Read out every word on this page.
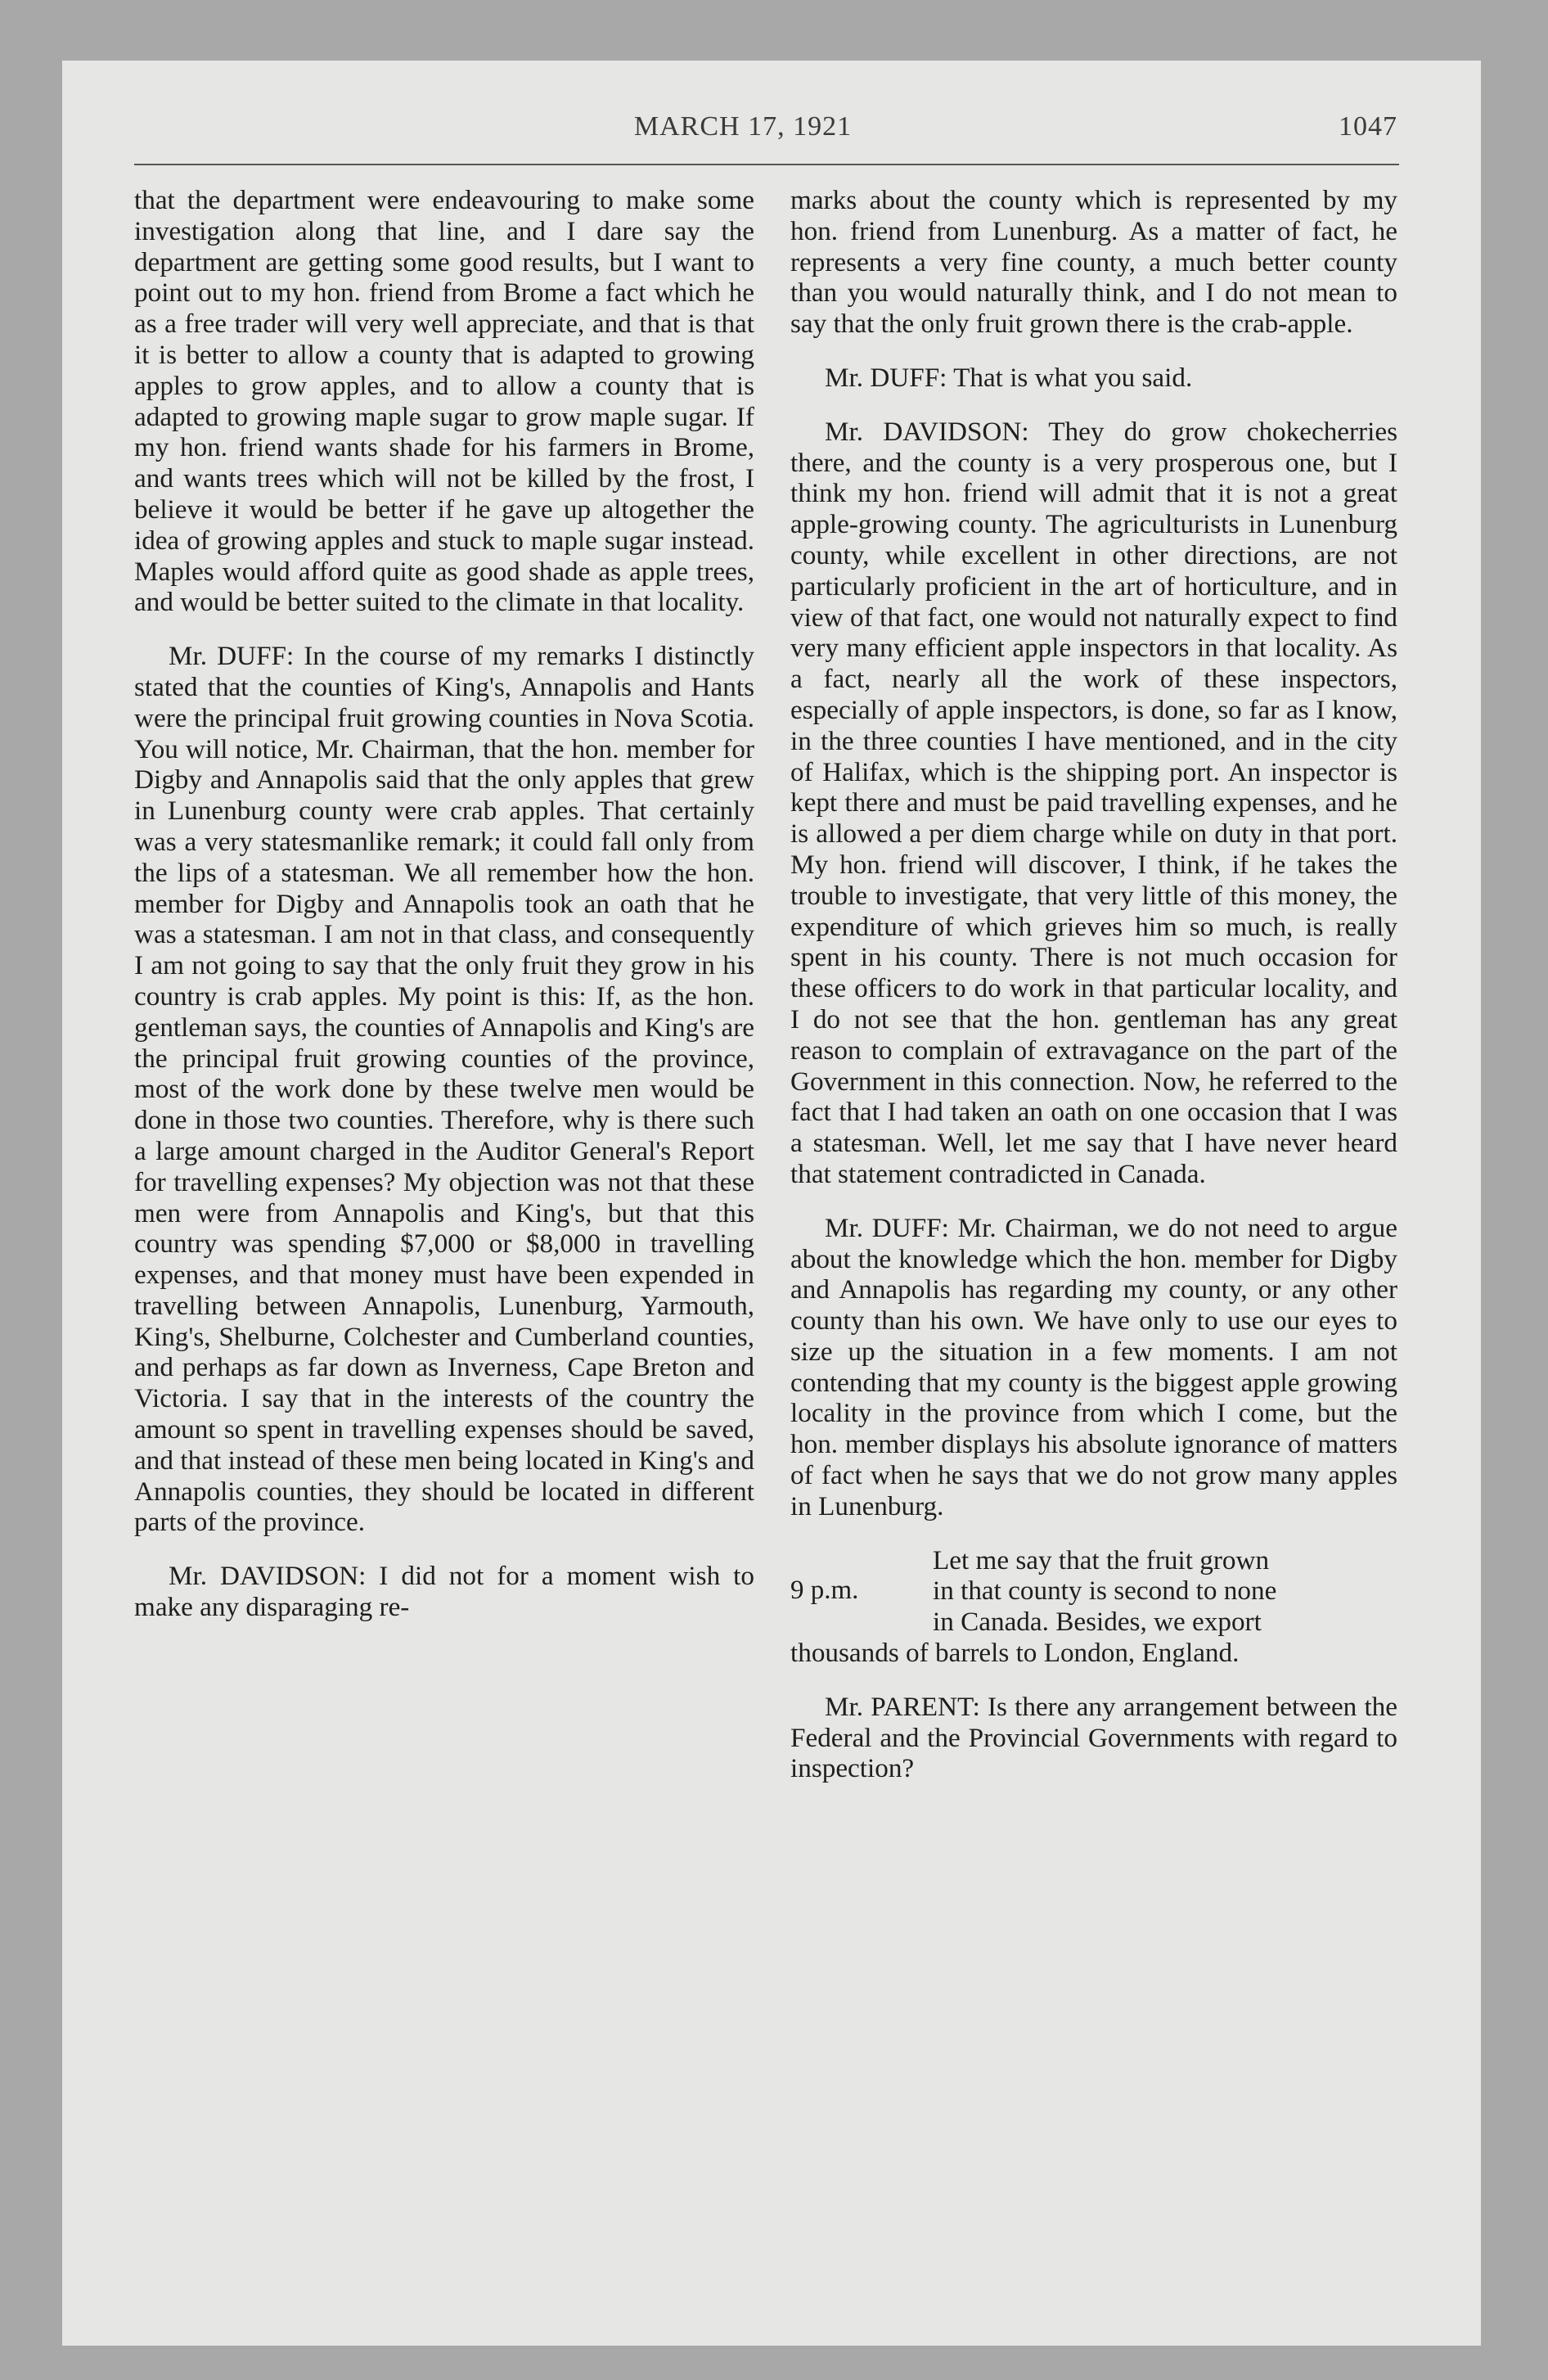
MARCH 17, 1921	1047

that the department were endeavouring to make some investigation along that line, and I dare say the department are getting some good results, but I want to point out to my hon. friend from Brome a fact which he as a free trader will very well appreciate, and that is that it is better to allow a county that is adapted to growing apples to grow apples, and to allow a county that is adapted to growing maple sugar to grow maple sugar. If my hon. friend wants shade for his farmers in Brome, and wants trees which will not be killed by the frost, I believe it would be better if he gave up altogether the idea of growing apples and stuck to maple sugar instead. Maples would afford quite as good shade as apple trees, and would be better suited to the climate in that locality.

Mr. DUFF: In the course of my remarks I distinctly stated that the counties of King's, Annapolis and Hants were the principal fruit growing counties in Nova Scotia. You will notice, Mr. Chairman, that the hon. member for Digby and Annapolis said that the only apples that grew in Lunenburg county were crab apples. That certainly was a very statesmanlike remark; it could fall only from the lips of a statesman. We all remember how the hon. member for Digby and Annapolis took an oath that he was a statesman. I am not in that class, and consequently I am not going to say that the only fruit they grow in his country is crab apples. My point is this: If, as the hon. gentleman says, the counties of Annapolis and King's are the principal fruit growing counties of the province, most of the work done by these twelve men would be done in those two counties. Therefore, why is there such a large amount charged in the Auditor General's Report for travelling expenses? My objection was not that these men were from Annapolis and King's, but that this country was spending $7,000 or $8,000 in travelling expenses, and that money must have been expended in travelling between Annapolis, Lunenburg, Yarmouth, King's, Shelburne, Colchester and Cumberland counties, and perhaps as far down as Inverness, Cape Breton and Victoria. I say that in the interests of the country the amount so spent in travelling expenses should be saved, and that instead of these men being located in King's and Annapolis counties, they should be located in different parts of the province.

Mr. DAVIDSON: I did not for a moment wish to make any disparaging re-

marks about the county which is represented by my hon. friend from Lunenburg. As a matter of fact, he represents a very fine county, a much better county than you would naturally think, and I do not mean to say that the only fruit grown there is the crab-apple.

Mr. DUFF: That is what you said.

Mr. DAVIDSON: They do grow chokecherries there, and the county is a very prosperous one, but I think my hon. friend will admit that it is not a great apple-growing county. The agriculturists in Lunenburg county, while excellent in other directions, are not particularly proficient in the art of horticulture, and in view of that fact, one would not naturally expect to find very many efficient apple inspectors in that locality. As a fact, nearly all the work of these inspectors, especially of apple inspectors, is done, so far as I know, in the three counties I have mentioned, and in the city of Halifax, which is the shipping port. An inspector is kept there and must be paid travelling expenses, and he is allowed a per diem charge while on duty in that port. My hon. friend will discover, I think, if he takes the trouble to investigate, that very little of this money, the expenditure of which grieves him so much, is really spent in his county. There is not much occasion for these officers to do work in that particular locality, and I do not see that the hon. gentleman has any great reason to complain of extravagance on the part of the Government in this connection. Now, he referred to the fact that I had taken an oath on one occasion that I was a statesman. Well, let me say that I have never heard that statement contradicted in Canada.

Mr. DUFF: Mr. Chairman, we do not need to argue about the knowledge which the hon. member for Digby and Annapolis has regarding my county, or any other county than his own. We have only to use our eyes to size up the situation in a few moments. I am not contending that my county is the biggest apple growing locality in the province from which I come, but the hon. member displays his absolute ignorance of matters of fact when he says that we do not grow many apples in Lunenburg.

9 p.m.
Let me say that the fruit grown
in that county is second to none
in Canada. Besides, we export
thousands of barrels to London, England.

Mr. PARENT: Is there any arrangement between the Federal and the Provincial Governments with regard to inspection?
